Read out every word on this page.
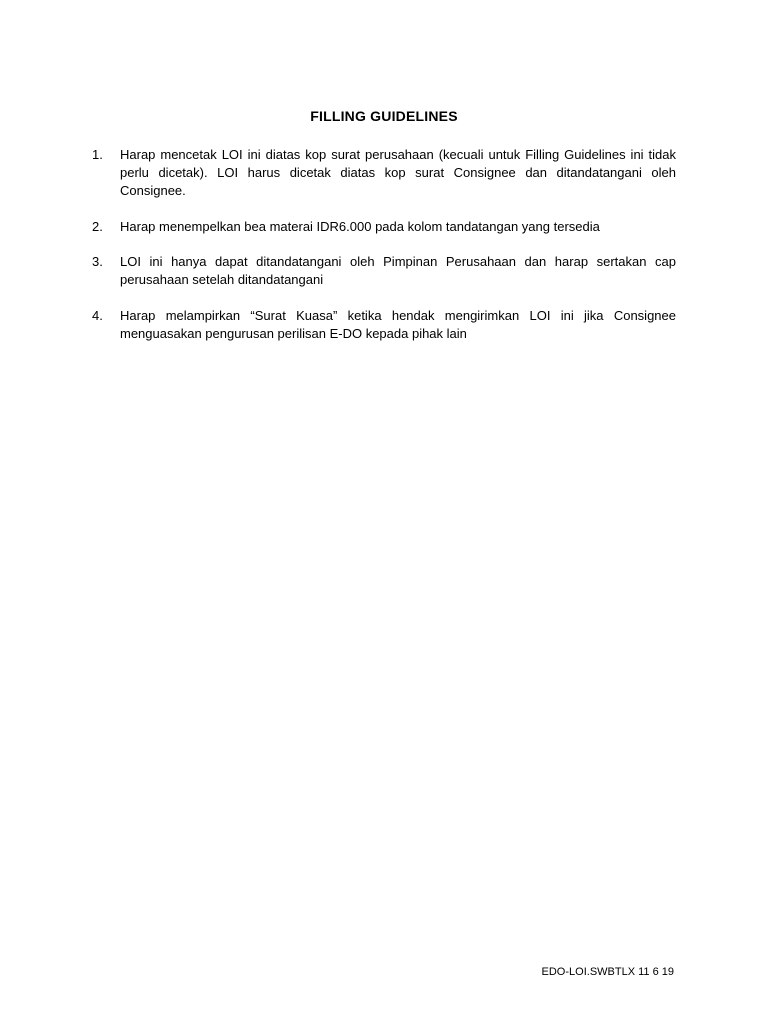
FILLING GUIDELINES
1.	Harap mencetak LOI ini diatas kop surat perusahaan (kecuali untuk Filling Guidelines ini tidak perlu dicetak). LOI harus dicetak diatas kop surat Consignee dan ditandatangani oleh Consignee.
2.	Harap menempelkan bea materai IDR6.000 pada kolom tandatangan yang tersedia
3.	LOI ini hanya dapat ditandatangani oleh Pimpinan Perusahaan dan harap sertakan cap perusahaan setelah ditandatangani
4.	Harap melampirkan “Surat Kuasa” ketika hendak mengirimkan LOI ini jika Consignee menguasakan pengurusan perilisan E-DO kepada pihak lain
EDO-LOI.SWBTLX 11 6 19
